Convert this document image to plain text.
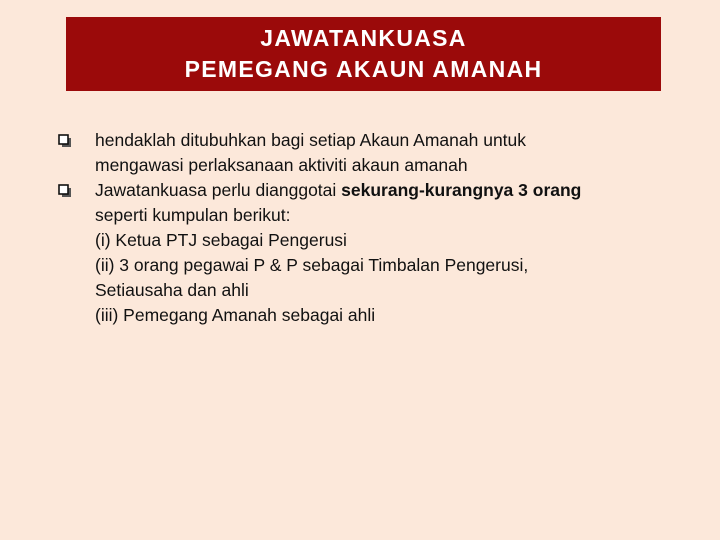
JAWATANKUASA
PEMEGANG AKAUN AMANAH
hendaklah ditubuhkan bagi setiap Akaun Amanah untuk
mengawasi perlaksanaan aktiviti akaun amanah
Jawatankuasa perlu dianggotai sekurang-kurangnya 3 orang
seperti kumpulan berikut:
(i) Ketua PTJ sebagai Pengerusi
(ii) 3 orang pegawai P & P sebagai Timbalan Pengerusi,
Setiausaha dan ahli
(iii) Pemegang Amanah sebagai ahli
